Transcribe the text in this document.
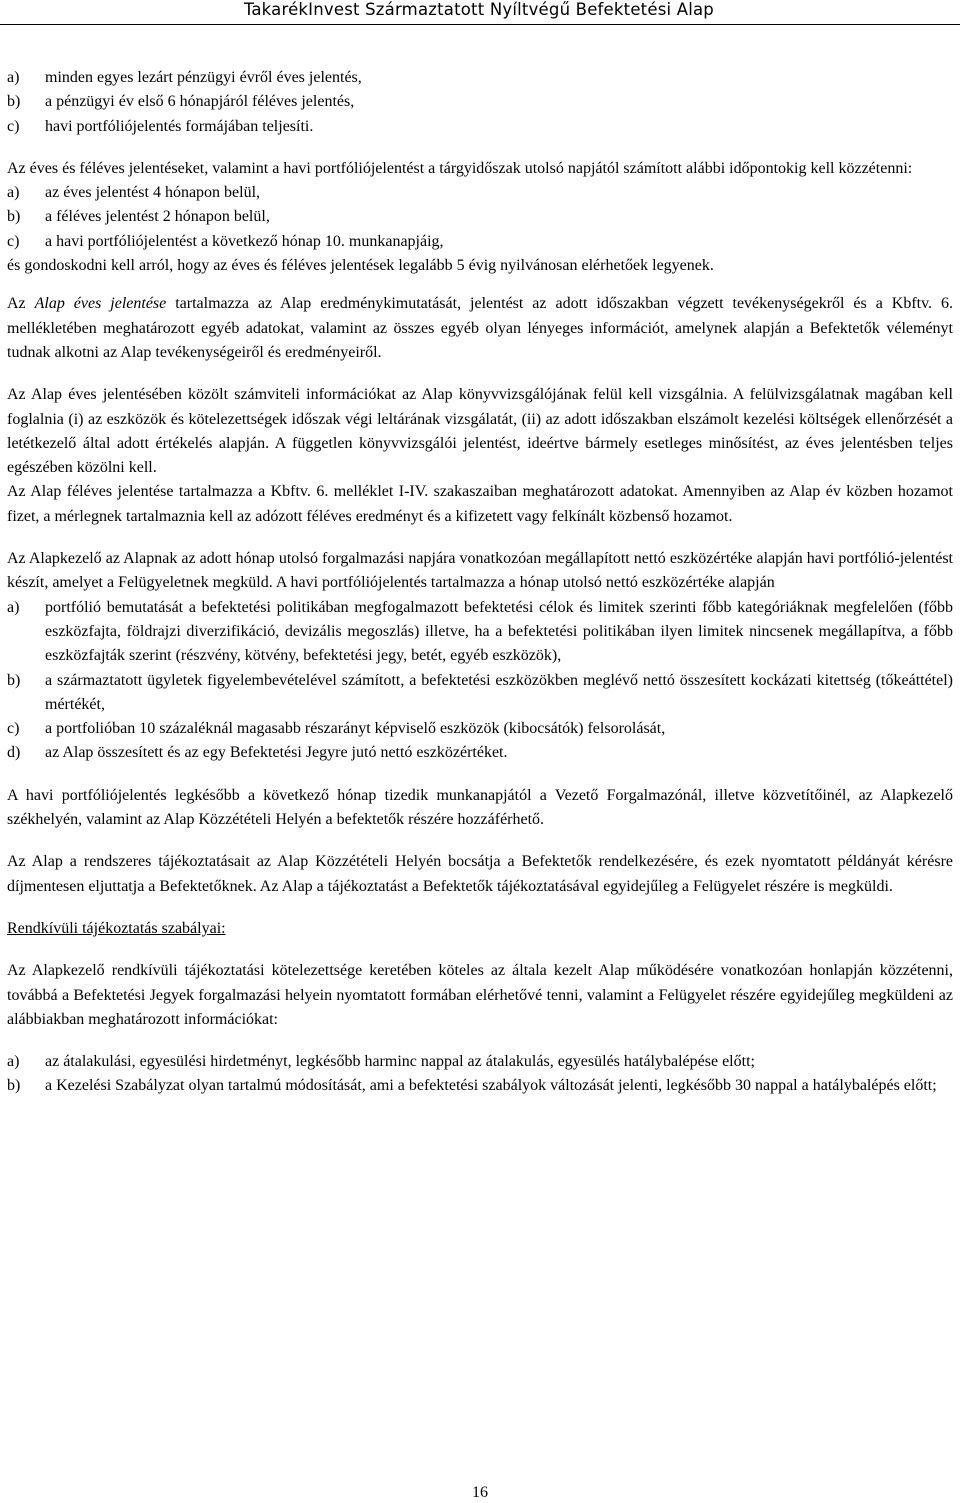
TakarékInvest Származtatott Nyíltvégű Befektetési Alap
a)	minden egyes lezárt pénzügyi évről éves jelentés,
b)	a pénzügyi év első 6 hónapjáról féléves jelentés,
c)	havi portfóliójelentés formájában teljesíti.

Az éves és féléves jelentéseket, valamint a havi portfóliójelentést a tárgyidőszak utolsó napjától számított alábbi időpontokig kell közzétenni:

a)	az éves jelentést 4 hónapon belül,
b)	a féléves jelentést 2 hónapon belül,
c)	a havi portfóliójelentést a következő hónap 10. munkanapjáig,

és gondoskodni kell arról, hogy az éves és féléves jelentések legalább 5 évig nyilvánosan elérhetőek legyenek.

Az Alap éves jelentése tartalmazza az Alap eredménykimutatását, jelentést az adott időszakban végzett tevékenységekről és a Kbftv. 6. mellékletében meghatározott egyéb adatokat, valamint az összes egyéb olyan lényeges információt, amelynek alapján a Befektetők véleményt tudnak alkotni az Alap tevékenységeiről és eredményeiről.

Az Alap éves jelentésében közölt számviteli információkat az Alap könyvvizsgálójának felül kell vizsgálnia. A felülvizsgálatnak magában kell foglalnia (i) az eszközök és kötelezettségek időszak végi leltárának vizsgálatát, (ii) az adott időszakban elszámolt kezelési költségek ellenőrzését a letétkezelő által adott értékelés alapján. A független könyvvizsgálói jelentést, ideértve bármely esetleges minősítést, az éves jelentésben teljes egészében közölni kell.

Az Alap féléves jelentése tartalmazza a Kbftv. 6. melléklet I-IV. szakaszaiban meghatározott adatokat. Amennyiben az Alap év közben hozamot fizet, a mérlegnek tartalmaznia kell az adózott féléves eredményt és a kifizetett vagy felkínált közbenső hozamot.

Az Alapkezelő az Alapnak az adott hónap utolsó forgalmazási napjára vonatkozóan megállapított nettó eszközértéke alapján havi portfólió-jelentést készít, amelyet a Felügyeletnek megküld. A havi portfóliójelentés tartalmazza a hónap utolsó nettó eszközértéke alapján

a)	portfólió bemutatását a befektetési politikában megfogalmazott befektetési célok és limitek szerinti főbb kategóriáknak megfelelően (főbb eszközfajta, földrajzi diverzifikáció, devizális megoszlás) illetve, ha a befektetési politikában ilyen limitek nincsenek megállapítva, a főbb eszközfajták szerint (részvény, kötvény, befektetési jegy, betét, egyéb eszközök),
b)	a származtatott ügyletek figyelembevételével számított, a befektetési eszközökben meglévő nettó összesített kockázati kitettség (tőkeáttétel) mértékét,
c)	a portfolióban 10 százaléknál magasabb részarányt képviselő eszközök (kibocsátók) felsorolását,
d)	az Alap összesített és az egy Befektetési Jegyre jutó nettó eszközértéket.

A havi portfóliójelentés legkésőbb a következő hónap tizedik munkanapjától a Vezető Forgalmazónál, illetve közvetítőinél, az Alapkezelő székhelyén, valamint az Alap Közzétételi Helyén a befektetők részére hozzáférhető.

Az Alap a rendszeres tájékoztatásait az Alap Közzétételi Helyén bocsátja a Befektetők rendelkezésére, és ezek nyomtatott példányát kérésre díjmentesen eljuttatja a Befektetőknek. Az Alap a tájékoztatást a Befektetők tájékoztatásával egyidejűleg a Felügyelet részére is megküldi.

Rendkívüli tájékoztatás szabályai:

Az Alapkezelő rendkívüli tájékoztatási kötelezettsége keretében köteles az általa kezelt Alap működésére vonatkozóan honlapján közzétenni, továbbá a Befektetési Jegyek forgalmazási helyein nyomtatott formában elérhetővé tenni, valamint a Felügyelet részére egyidejűleg megküldeni az alábbiakban meghatározott információkat:

a)	az átalakulási, egyesülési hirdetményt, legkésőbb harminc nappal az átalakulás, egyesülés hatálybalépése előtt;
b)	a Kezelési Szabályzat olyan tartalmú módosítását, ami a befektetési szabályok változását jelenti, legkésőbb 30 nappal a hatálybalépés előtt;
16
